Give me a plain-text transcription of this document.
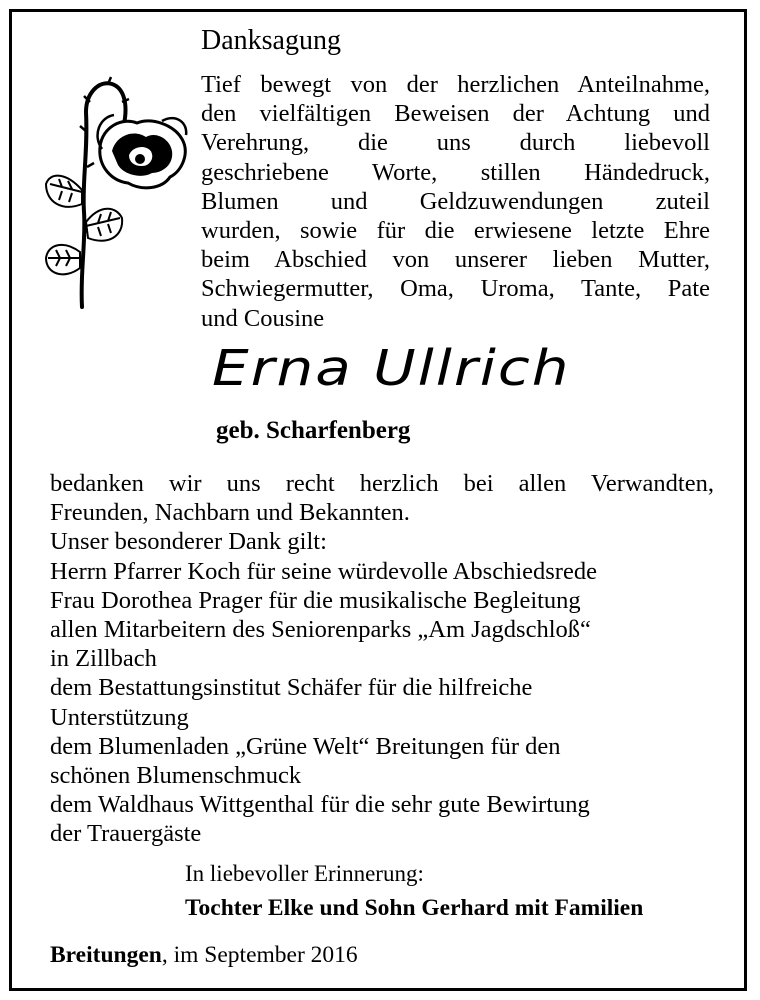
Danksagung
Tief bewegt von der herzlichen Anteilnahme,
den vielfältigen Beweisen der Achtung und
Verehrung, die uns durch liebevoll
geschriebene Worte, stillen Händedruck,
Blumen und Geldzuwendungen zuteil
wurden, sowie für die erwiesene letzte Ehre
beim Abschied von unserer lieben Mutter,
Schwiegermutter, Oma, Uroma, Tante, Pate
und Cousine
Erna Ullrich
geb. Scharfenberg
bedanken wir uns recht herzlich bei allen Verwandten,
Freunden, Nachbarn und Bekannten.
Unser besonderer Dank gilt:
Herrn Pfarrer Koch für seine würdevolle Abschiedsrede
Frau Dorothea Prager für die musikalische Begleitung
allen Mitarbeitern des Seniorenparks „Am Jagdschloß“
in Zillbach
dem Bestattungsinstitut Schäfer für die hilfreiche
Unterstützung
dem Blumenladen „Grüne Welt“ Breitungen für den
schönen Blumenschmuck
dem Waldhaus Wittgenthal für die sehr gute Bewirtung
der Trauergäste
In liebevoller Erinnerung:
Tochter Elke und Sohn Gerhard mit Familien
Breitungen, im September 2016
